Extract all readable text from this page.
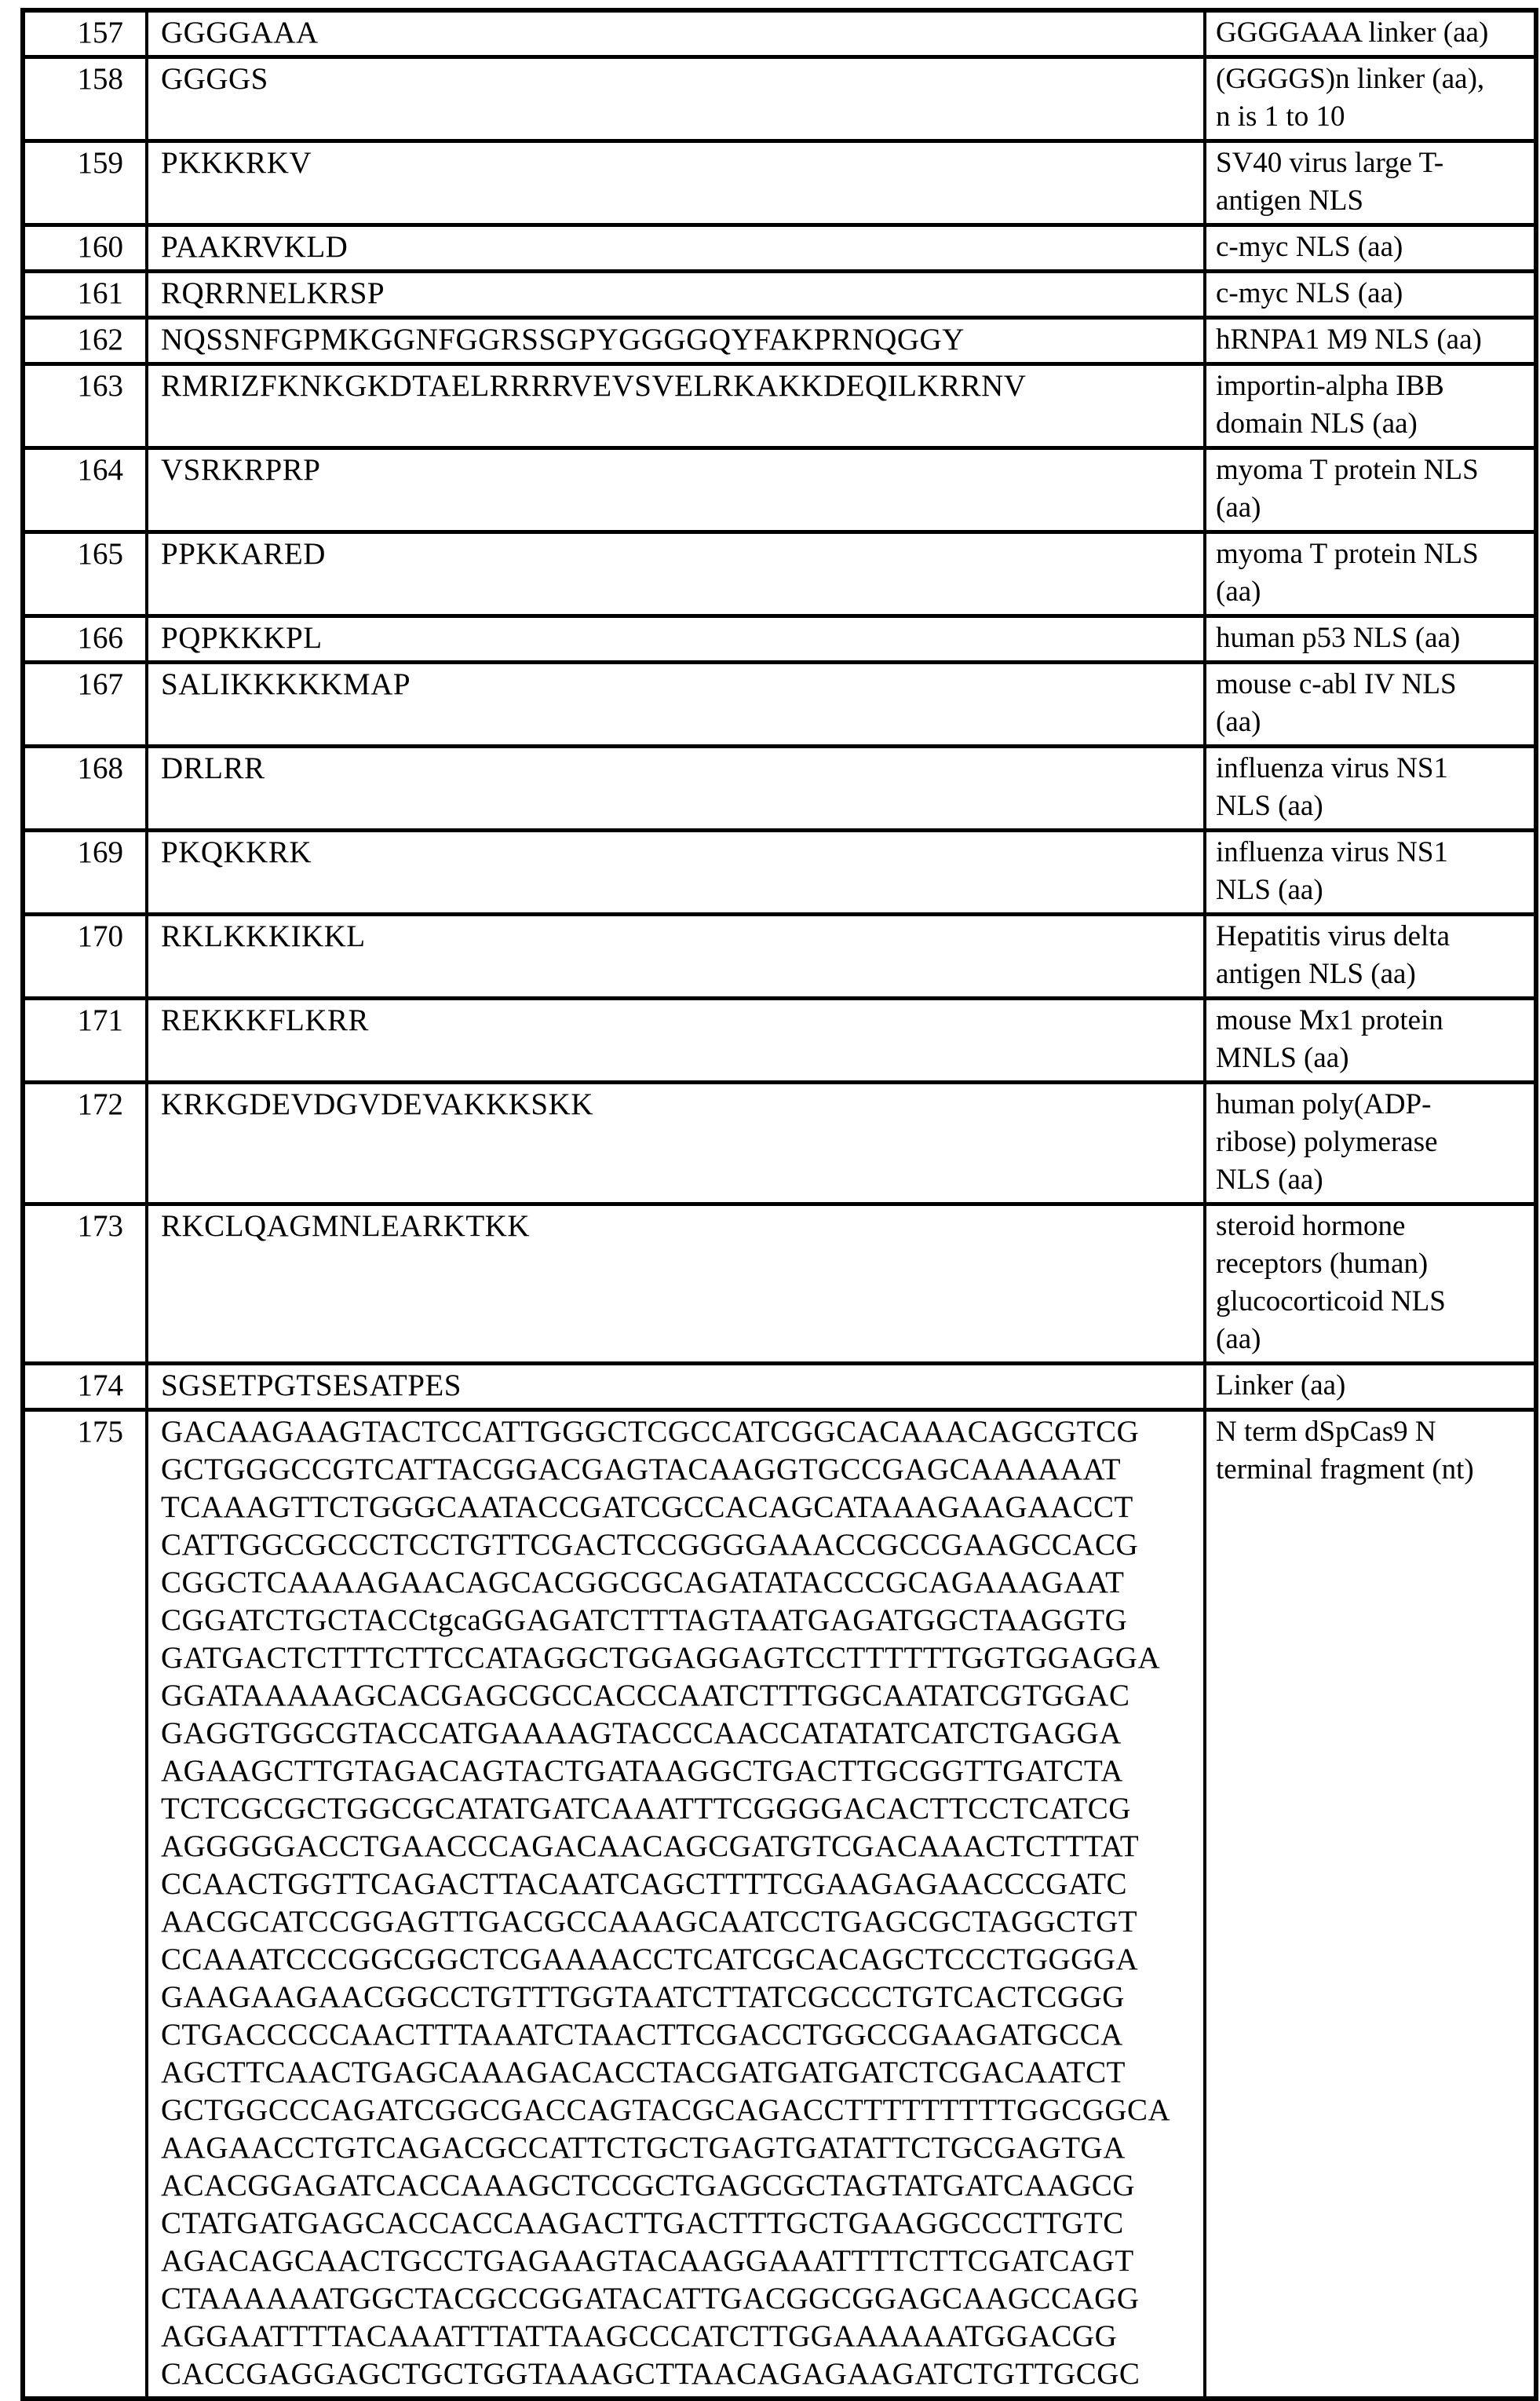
157	GGGGAAA	GGGGAAA linker (aa)
158	GGGGS	(GGGGS)n linker (aa),
n is 1 to 10
159	PKKKRKV	SV40 virus large T-
antigen NLS
160	PAAKRVKLD	c-myc NLS (aa)
161	RQRRNELKRSP	c-myc NLS (aa)
162	NQSSNFGPMKGGNFGGRSSGPYGGGGQYFAKPRNQGGY	hRNPA1 M9 NLS (aa)
163	RMRIZFKNKGKDTAELRRRRVEVSVELRKAKKDEQILKRRNV	importin-alpha IBB
domain NLS (aa)
164	VSRKRPRP	myoma T protein NLS
(aa)
165	PPKKARED	myoma T protein NLS
(aa)
166	PQPKKKPL	human p53 NLS (aa)
167	SALIKKKKKMAP	mouse c-abl IV NLS
(aa)
168	DRLRR	influenza virus NS1
NLS (aa)
169	PKQKKRK	influenza virus NS1
NLS (aa)
170	RKLKKKIKKL	Hepatitis virus delta
antigen NLS (aa)
171	REKKKFLKRR	mouse Mx1 protein
MNLS (aa)
172	KRKGDEVDGVDEVAKKKSKK	human poly(ADP-
ribose) polymerase
NLS (aa)
173	RKCLQAGMNLEARKTKK	steroid hormone
receptors (human)
glucocorticoid NLS
(aa)
174	SGSETPGTSESATPES	Linker (aa)
175	GACAAGAAGTACTCCATTGGGCTCGCCATCGGCACAAACAGCGTCG
GCTGGGCCGTCATTACGGACGAGTACAAGGTGCCGAGCAAAAAAT
TCAAAGTTCTGGGCAATACCGATCGCCACAGCATAAAGAAGAACCT
CATTGGCGCCCTCCTGTTCGACTCCGGGGAAACCGCCGAAGCCACG
CGGCTCAAAAGAACAGCACGGCGCAGATATACCCGCAGAAAGAAT
CGGATCTGCTACCtgcaGGAGATCTTTAGTAATGAGATGGCTAAGGTG
GATGACTCTTTCTTCCATAGGCTGGAGGAGTCCTTTTTTGGTGGAGGA
GGATAAAAAGCACGAGCGCCACCCAATCTTTGGCAATATCGTGGAC
GAGGTGGCGTACCATGAAAAGTACCCAACCATATATCATCTGAGGA
AGAAGCTTGTAGACAGTACTGATAAGGCTGACTTGCGGTTGATCTA
TCTCGCGCTGGCGCATATGATCAAATTTCGGGGACACTTCCTCATCG
AGGGGGACCTGAACCCAGACAACAGCGATGTCGACAAACTCTTTAT
CCAACTGGTTCAGACTTACAATCAGCTTTTCGAAGAGAACCCGATC
AACGCATCCGGAGTTGACGCCAAAGCAATCCTGAGCGCTAGGCTGT
CCAAATCCCGGCGGCTCGAAAACCTCATCGCACAGCTCCCTGGGGA
GAAGAAGAACGGCCTGTTTGGTAATCTTATCGCCCTGTCACTCGGG
CTGACCCCCAACTTTAAATCTAACTTCGACCTGGCCGAAGATGCCA
AGCTTCAACTGAGCAAAGACACCTACGATGATGATCTCGACAATCT
GCTGGCCCAGATCGGCGACCAGTACGCAGACCTTTTTTTTTGGCGGCA
AAGAACCTGTCAGACGCCATTCTGCTGAGTGATATTCTGCGAGTGA
ACACGGAGATCACCAAAGCTCCGCTGAGCGCTAGTATGATCAAGCG
CTATGATGAGCACCACCAAGACTTGACTTTGCTGAAGGCCCTTGTC
AGACAGCAACTGCCTGAGAAGTACAAGGAAATTTTCTTCGATCAGT
CTAAAAAATGGCTACGCCGGATACATTGACGGCGGAGCAAGCCAGG
AGGAATTTTACAAATTTATTAAGCCCATCTTGGAAAAAATGGACGG
CACCGAGGAGCTGCTGGTAAAGCTTAACAGAGAAGATCTGTTGCGC	N term dSpCas9 N
terminal fragment (nt)
